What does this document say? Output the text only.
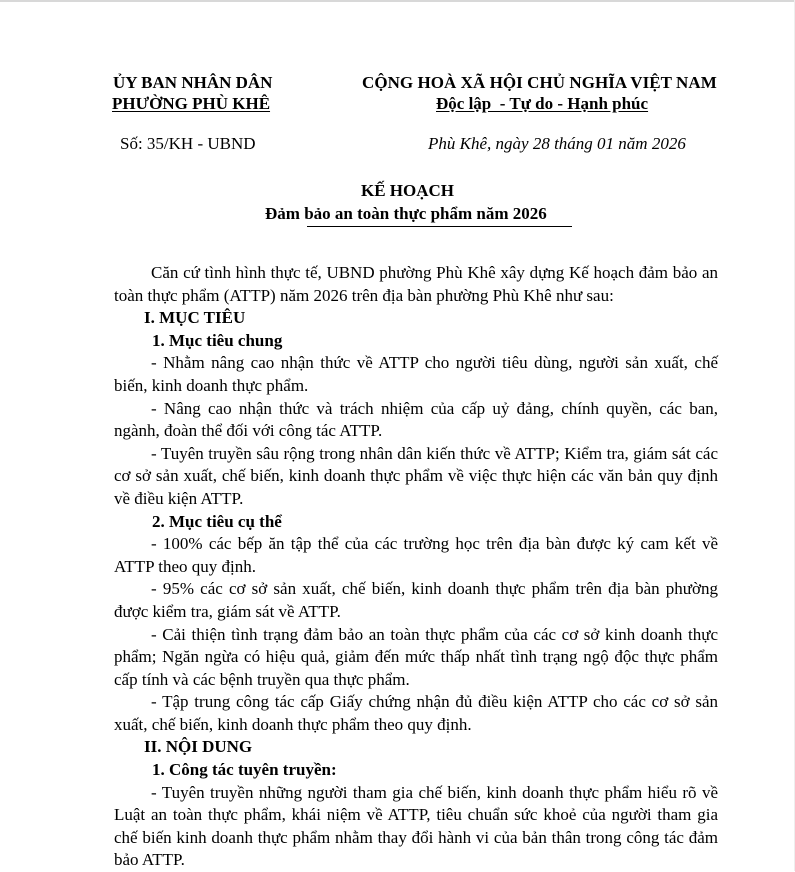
ỦY BAN NHÂN DÂN
PHƯỜNG PHÙ KHÊ
CỘNG HOÀ XÃ HỘI CHỦ NGHĨA VIỆT NAM
Độc lập  - Tự do - Hạnh phúc
Số: 35/KH - UBND	Phù Khê, ngày 28 tháng 01 năm 2026
KẾ HOẠCH
Đảm bảo an toàn thực phẩm năm 2026

Căn cứ tình hình thực tế, UBND phường Phù Khê xây dựng Kế hoạch đảm bảo an toàn thực phẩm (ATTP) năm 2026 trên địa bàn phường Phù Khê như sau:

I. MỤC TIÊU

1. Mục tiêu chung

- Nhằm nâng cao nhận thức về ATTP cho người tiêu dùng, người sản xuất, chế biến, kinh doanh thực phẩm.

- Nâng cao nhận thức và trách nhiệm của cấp uỷ đảng, chính quyền, các ban, ngành, đoàn thể đối với công tác ATTP.

- Tuyên truyền sâu rộng trong nhân dân kiến thức về ATTP; Kiểm tra, giám sát các cơ sở sản xuất, chế biến, kinh doanh thực phẩm về việc thực hiện các văn bản quy định về điều kiện ATTP.

2. Mục tiêu cụ thể

- 100% các bếp ăn tập thể của các trường học trên địa bàn được ký cam kết về ATTP theo quy định.

- 95% các cơ sở sản xuất, chế biến, kinh doanh thực phẩm trên địa bàn phường được kiểm tra, giám sát về ATTP.

- Cải thiện tình trạng đảm bảo an toàn thực phẩm của các cơ sở kinh doanh thực phẩm; Ngăn ngừa có hiệu quả, giảm đến mức thấp nhất tình trạng ngộ độc thực phẩm cấp tính và các bệnh truyền qua thực phẩm.

- Tập trung công tác cấp Giấy chứng nhận đủ điều kiện ATTP cho các cơ sở sản xuất, chế biến, kinh doanh thực phẩm theo quy định.

II. NỘI DUNG

1. Công tác tuyên truyền:

- Tuyên truyền những người tham gia chế biến, kinh doanh thực phẩm hiểu rõ về Luật an toàn thực phẩm, khái niệm về ATTP, tiêu chuẩn sức khoẻ của người tham gia chế biến kinh doanh thực phẩm nhằm thay đổi hành vi của bản thân trong công tác đảm bảo ATTP.
